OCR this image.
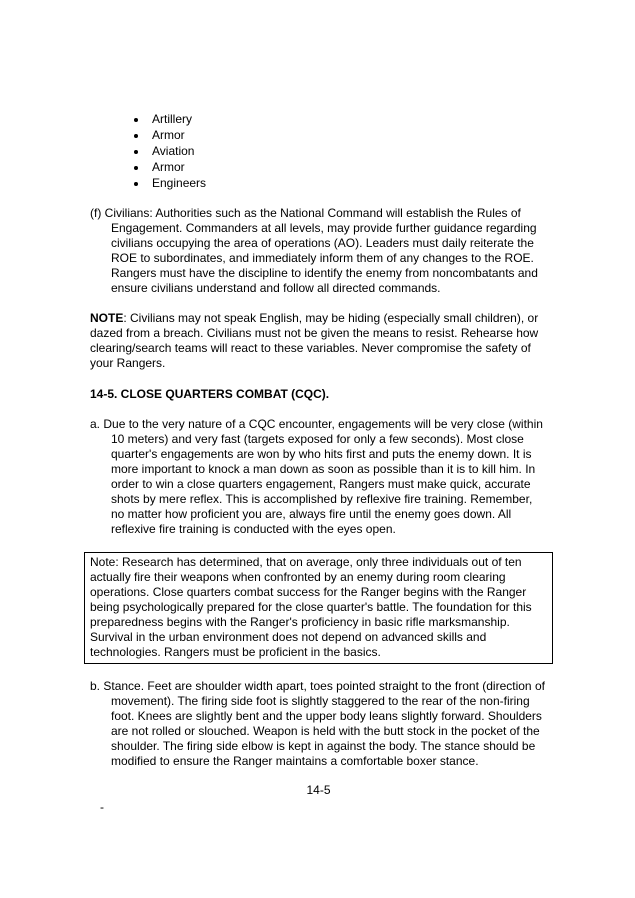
• Artillery
• Armor
• Aviation
• Armor
• Engineers

(f) Civilians: Authorities such as the National Command will establish the Rules of Engagement. Commanders at all levels, may provide further guidance regarding civilians occupying the area of operations (AO). Leaders must daily reiterate the ROE to subordinates, and immediately inform them of any changes to the ROE. Rangers must have the discipline to identify the enemy from noncombatants and ensure civilians understand and follow all directed commands.

NOTE: Civilians may not speak English, may be hiding (especially small children), or dazed from a breach. Civilians must not be given the means to resist. Rehearse how clearing/search teams will react to these variables. Never compromise the safety of your Rangers.

14-5. CLOSE QUARTERS COMBAT (CQC).

a. Due to the very nature of a CQC encounter, engagements will be very close (within 10 meters) and very fast (targets exposed for only a few seconds). Most close quarter's engagements are won by who hits first and puts the enemy down. It is more important to knock a man down as soon as possible than it is to kill him. In order to win a close quarters engagement, Rangers must make quick, accurate shots by mere reflex. This is accomplished by reflexive fire training. Remember, no matter how proficient you are, always fire until the enemy goes down. All reflexive fire training is conducted with the eyes open.

Note: Research has determined, that on average, only three individuals out of ten actually fire their weapons when confronted by an enemy during room clearing operations. Close quarters combat success for the Ranger begins with the Ranger being psychologically prepared for the close quarter's battle. The foundation for this preparedness begins with the Ranger's proficiency in basic rifle marksmanship. Survival in the urban environment does not depend on advanced skills and technologies. Rangers must be proficient in the basics.

b. Stance. Feet are shoulder width apart, toes pointed straight to the front (direction of movement). The firing side foot is slightly staggered to the rear of the non-firing foot. Knees are slightly bent and the upper body leans slightly forward. Shoulders are not rolled or slouched. Weapon is held with the butt stock in the pocket of the shoulder. The firing side elbow is kept in against the body. The stance should be modified to ensure the Ranger maintains a comfortable boxer stance.

14-5
-
